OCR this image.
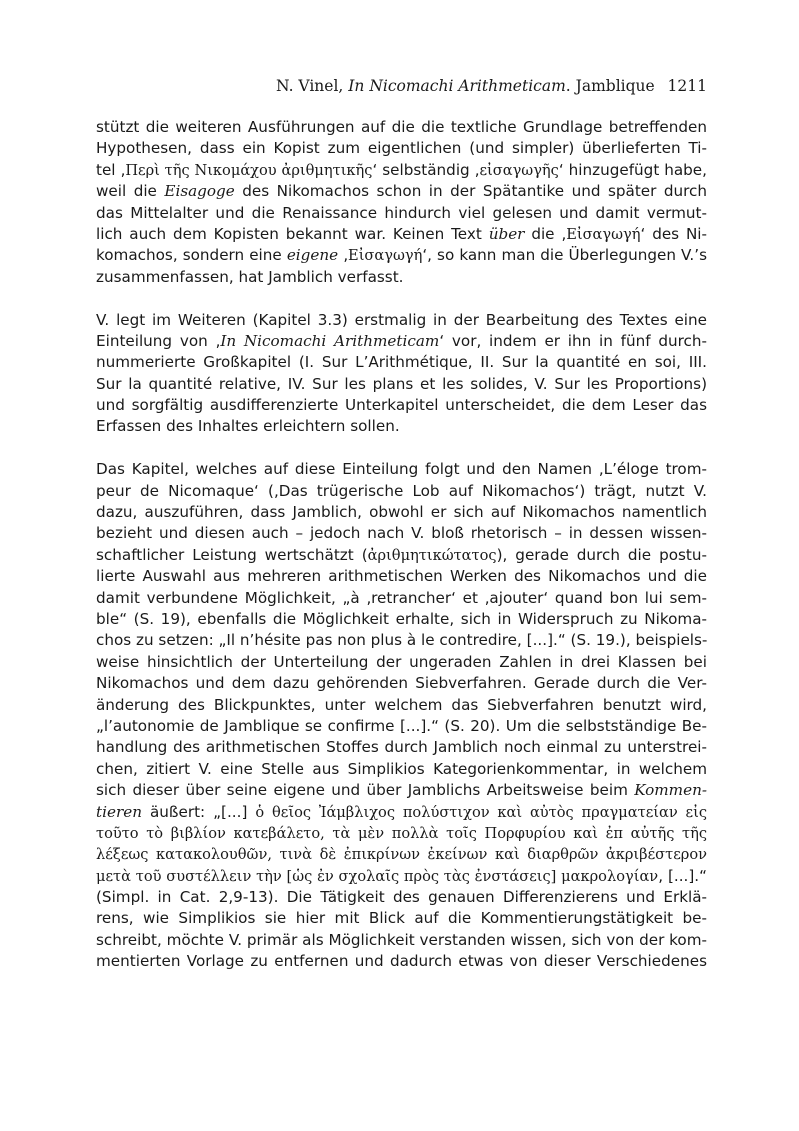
N. Vinel, In Nicomachi Arithmeticam. Jamblique 1211

stützt die weiteren Ausführungen auf die die textliche Grundlage betreffenden
Hypothesen, dass ein Kopist zum eigentlichen (und simpler) überlieferten Ti-
tel ‚Περὶ τῆς Νικομάχου ἀριθμητικῆς‘ selbständig ‚εἰσαγωγῆς‘ hinzugefügt habe,
weil die Eisagoge des Nikomachos schon in der Spätantike und später durch
das Mittelalter und die Renaissance hindurch viel gelesen und damit vermut-
lich auch dem Kopisten bekannt war. Keinen Text über die ‚Εἰσαγωγή‘ des Ni-
komachos, sondern eine eigene ‚Εἰσαγωγή‘, so kann man die Überlegungen V.’s
zusammenfassen, hat Jamblich verfasst.

V. legt im Weiteren (Kapitel 3.3) erstmalig in der Bearbeitung des Textes eine
Einteilung von ‚In Nicomachi Arithmeticam‘ vor, indem er ihn in fünf durch-
nummerierte Großkapitel (I. Sur L’Arithmétique, II. Sur la quantité en soi, III.
Sur la quantité relative, IV. Sur les plans et les solides, V. Sur les Proportions)
und sorgfältig ausdifferenzierte Unterkapitel unterscheidet, die dem Leser das
Erfassen des Inhaltes erleichtern sollen.

Das Kapitel, welches auf diese Einteilung folgt und den Namen ‚L’éloge trom-
peur de Nicomaque‘ (‚Das trügerische Lob auf Nikomachos‘) trägt, nutzt V.
dazu, auszuführen, dass Jamblich, obwohl er sich auf Nikomachos namentlich
bezieht und diesen auch – jedoch nach V. bloß rhetorisch – in dessen wissen-
schaftlicher Leistung wertschätzt (ἀριθμητικώτατος), gerade durch die postu-
lierte Auswahl aus mehreren arithmetischen Werken des Nikomachos und die
damit verbundene Möglichkeit, „à ‚retrancher‘ et ‚ajouter‘ quand bon lui sem-
ble“ (S. 19), ebenfalls die Möglichkeit erhalte, sich in Widerspruch zu Nikoma-
chos zu setzen: „Il n’hésite pas non plus à le contredire, [...].“ (S. 19.), beispiels-
weise hinsichtlich der Unterteilung der ungeraden Zahlen in drei Klassen bei
Nikomachos und dem dazu gehörenden Siebverfahren. Gerade durch die Ver-
änderung des Blickpunktes, unter welchem das Siebverfahren benutzt wird,
„l’autonomie de Jamblique se confirme [...].“ (S. 20). Um die selbstständige Be-
handlung des arithmetischen Stoffes durch Jamblich noch einmal zu unterstrei-
chen, zitiert V. eine Stelle aus Simplikios Kategorienkommentar, in welchem
sich dieser über seine eigene und über Jamblichs Arbeitsweise beim Kommen-
tieren äußert: „[...] ὁ θεῖος Ἰάμβλιχος πολύστιχον καὶ αὐτὸς πραγματείαν εἰς
τοῦτο τὸ βιβλίον κατεβάλετο, τὰ μὲν πολλὰ τοῖς Πορφυρίου καὶ ἐπ αὐτῆς τῆς
λέξεως κατακολουθῶν, τινὰ δὲ ἐπικρίνων ἐκείνων καὶ διαρθρῶν ἀκριβέστερον
μετὰ τοῦ συστέλλειν τὴν [ὡς ἐν σχολαῖς πρὸς τὰς ἐνστάσεις] μακρολογίαν, [...].“
(Simpl. in Cat. 2,9-13). Die Tätigkeit des genauen Differenzierens und Erklä-
rens, wie Simplikios sie hier mit Blick auf die Kommentierungstätigkeit be-
schreibt, möchte V. primär als Möglichkeit verstanden wissen, sich von der kom-
mentierten Vorlage zu entfernen und dadurch etwas von dieser Verschiedenes
